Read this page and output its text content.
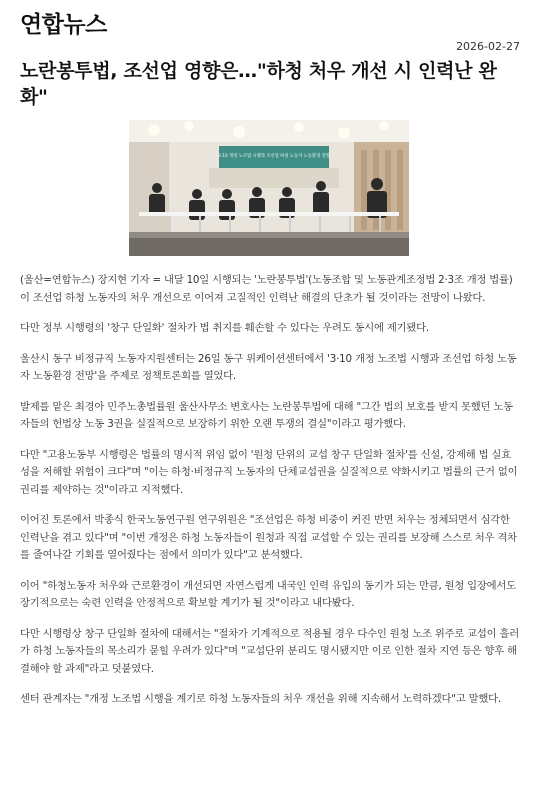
연합뉴스
2026-02-27
노란봉투법, 조선업 영향은…"하청 처우 개선 시 인력난 완화"
3.10 개정 노조법 시행과 조선업 하청 노동자 노동환경 전망

(울산=연합뉴스) 장지현 기자 = 내달 10일 시행되는 '노란봉투법'(노동조합 및 노동관계조정법 2·3조 개정 법률)이 조선업 하청 노동자의 처우 개선으로 이어져 고질적인 인력난 해결의 단초가 될 것이라는 전망이 나왔다.

다만 정부 시행령의 '창구 단일화' 절차가 법 취지를 훼손할 수 있다는 우려도 동시에 제기됐다.

울산시 동구 비정규직 노동자지원센터는 26일 동구 위케이션센터에서 '3·10 개정 노조법 시행과 조선업 하청 노동자 노동환경 전망'을 주제로 정책토론회를 열었다.

발제를 맡은 최경아 민주노총법률원 울산사무소 변호사는 노란봉투법에 대해 "그간 법의 보호를 받지 못했던 노동자들의 헌법상 노동 3권을 실질적으로 보장하기 위한 오랜 투쟁의 결실"이라고 평가했다.

다만 "고용노동부 시행령은 법률의 명시적 위임 없이 '원청 단위의 교섭 창구 단일화 절차'를 신설, 강제해 법 실효성을 저해할 위험이 크다"며 "이는 하청·비정규직 노동자의 단체교섭권을 실질적으로 약화시키고 법률의 근거 없이 권리를 제약하는 것"이라고 지적했다.

이어진 토론에서 박종식 한국노동연구원 연구위원은 "조선업은 하청 비중이 커진 반면 처우는 정체되면서 심각한 인력난을 겪고 있다"며 "이번 개정은 하청 노동자들이 원청과 직접 교섭할 수 있는 권리를 보장해 스스로 처우 격차를 줄여나갈 기회를 열어줬다는 점에서 의미가 있다"고 분석했다.

이어 "하청노동자 처우와 근로환경이 개선되면 자연스럽게 내국인 인력 유입의 동기가 되는 만큼, 원청 입장에서도 장기적으로는 숙련 인력을 안정적으로 확보할 계기가 될 것"이라고 내다봤다.

다만 시행령상 창구 단일화 절차에 대해서는 "절차가 기계적으로 적용될 경우 다수인 원청 노조 위주로 교섭이 흘러가 하청 노동자들의 목소리가 묻힐 우려가 있다"며 "교섭단위 분리도 명시됐지만 이로 인한 절차 지연 등은 향후 해결해야 할 과제"라고 덧붙였다.

센터 관계자는 "개정 노조법 시행을 계기로 하청 노동자들의 처우 개선을 위해 지속해서 노력하겠다"고 말했다.
